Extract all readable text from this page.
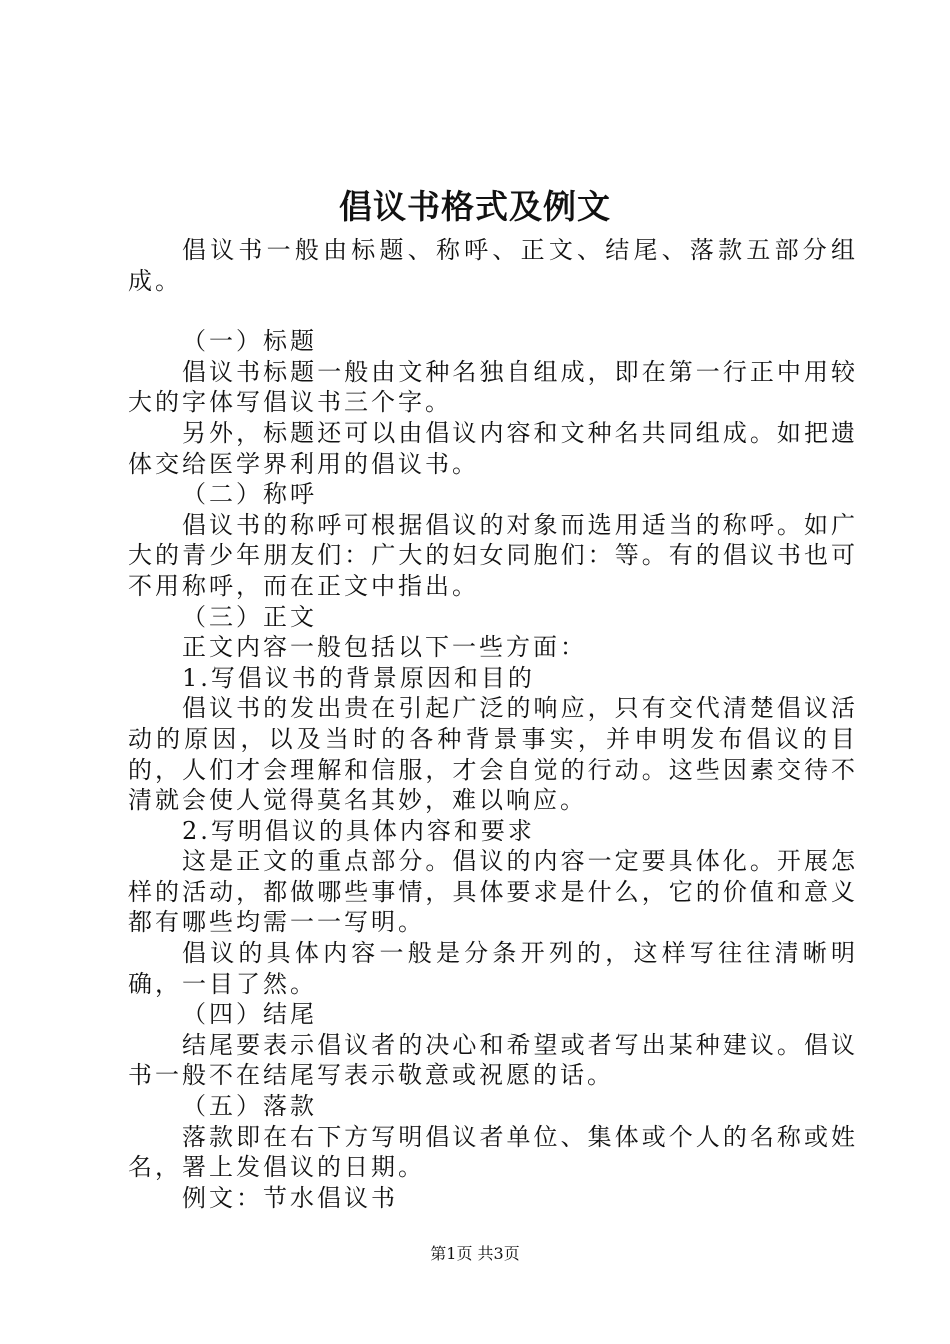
倡议书格式及例文

倡议书一般由标题、称呼、正文、结尾、落款五部分组成。

（一）标题

倡议书标题一般由文种名独自组成，即在第一行正中用较大的字体写倡议书三个字。

另外，标题还可以由倡议内容和文种名共同组成。如把遗体交给医学界利用的倡议书。

（二）称呼

倡议书的称呼可根据倡议的对象而选用适当的称呼。如广大的青少年朋友们：广大的妇女同胞们：等。有的倡议书也可不用称呼，而在正文中指出。

（三）正文

正文内容一般包括以下一些方面：

1.写倡议书的背景原因和目的

倡议书的发出贵在引起广泛的响应，只有交代清楚倡议活动的原因，以及当时的各种背景事实，并申明发布倡议的目的，人们才会理解和信服，才会自觉的行动。这些因素交待不清就会使人觉得莫名其妙，难以响应。

2.写明倡议的具体内容和要求

这是正文的重点部分。倡议的内容一定要具体化。开展怎样的活动，都做哪些事情，具体要求是什么，它的价值和意义都有哪些均需一一写明。

倡议的具体内容一般是分条开列的，这样写往往清晰明确，一目了然。

（四）结尾

结尾要表示倡议者的决心和希望或者写出某种建议。倡议书一般不在结尾写表示敬意或祝愿的话。

（五）落款

落款即在右下方写明倡议者单位、集体或个人的名称或姓名，署上发倡议的日期。

例文：节水倡议书

第1页 共3页
